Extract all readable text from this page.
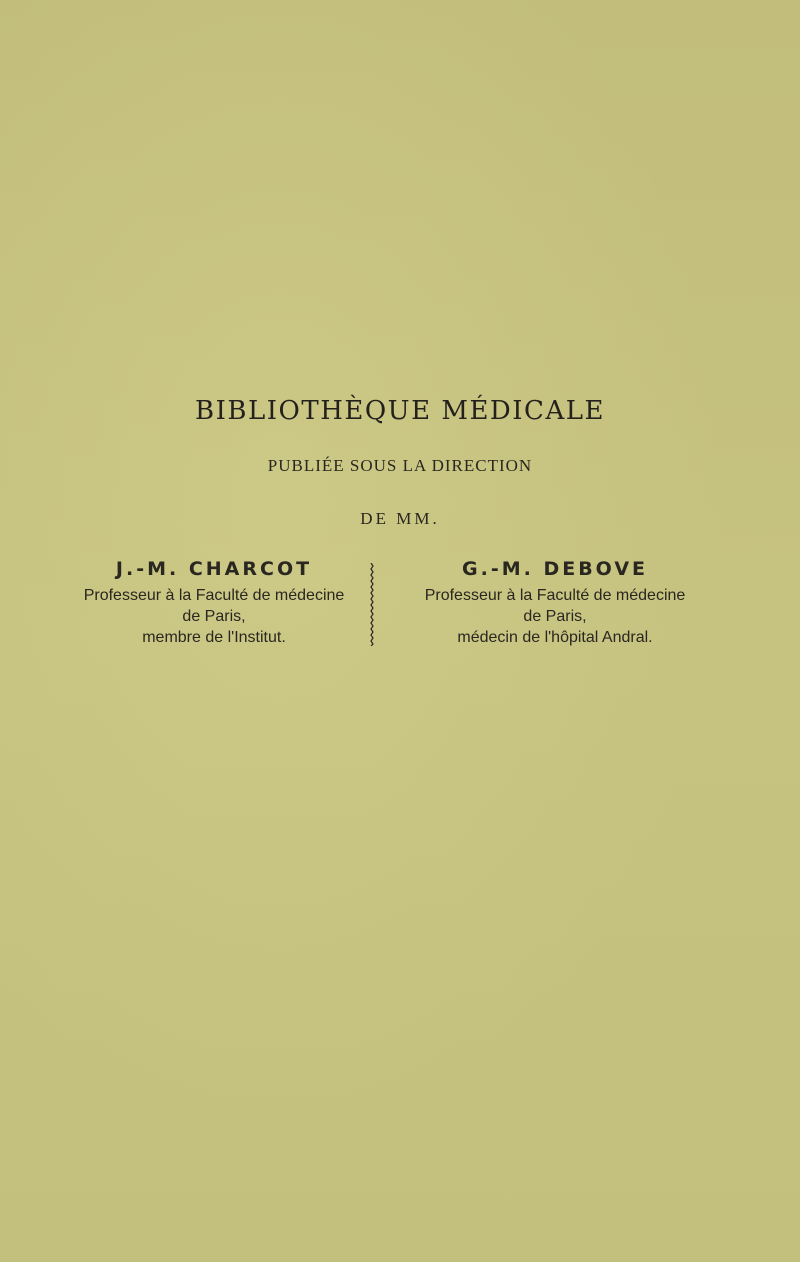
BIBLIOTHÈQUE MÉDICALE
PUBLIÉE SOUS LA DIRECTION
DE MM.
J.-M. CHARCOT
Professeur à la Faculté de médecine
de Paris,
membre de l'Institut.
G.-M. DEBOVE
Professeur à la Faculté de médecine
de Paris,
médecin de l'hôpital Andral.
